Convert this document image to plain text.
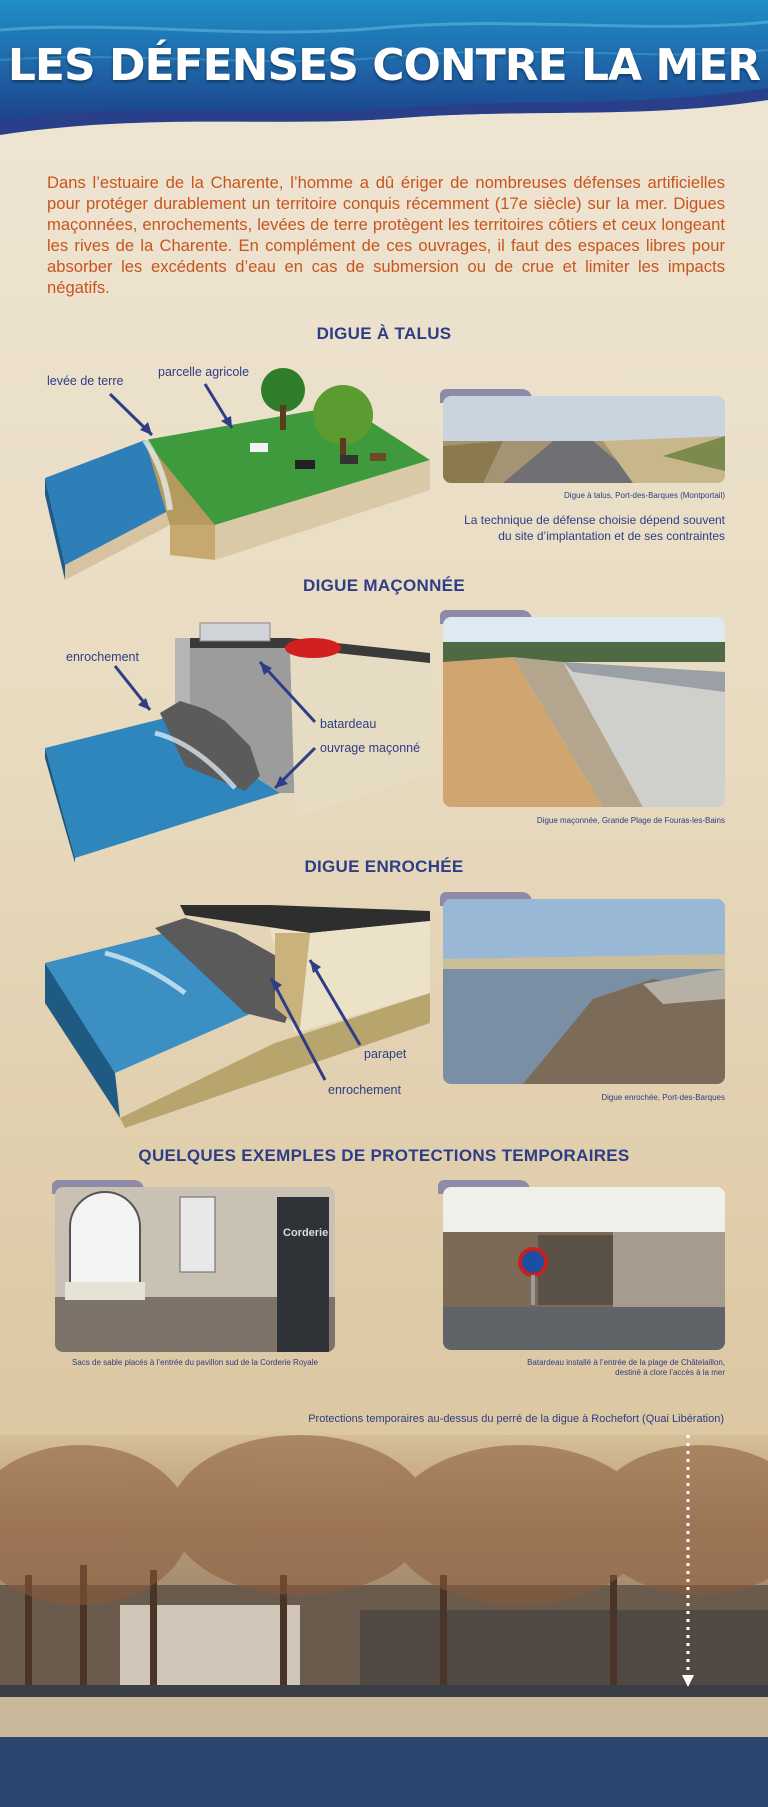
LES DÉFENSES CONTRE LA MER
Dans l’estuaire de la Charente, l’homme a dû ériger de nombreuses défenses artificielles pour protéger durablement un territoire conquis récemment (17e siècle) sur la mer. Digues maçonnées, enrochements, levées de terre protègent les territoires côtiers et ceux longeant les rives de la Charente. En complément de ces ouvrages, il faut des espaces libres pour absorber les excédents d’eau en cas de submersion ou de crue et limiter les impacts négatifs.
DIGUE À TALUS
levée de terre
parcelle agricole
Digue à talus, Port-des-Barques (Montportail)
La technique de défense choisie dépend souvent
du site d’implantation et de ses contraintes
DIGUE MAÇONNÉE
enrochement
batardeau
ouvrage maçonné
Digue maçonnée, Grande Plage de Fouras-les-Bains
DIGUE ENROCHÉE
parapet
enrochement
Digue enrochée, Port-des-Barques
QUELQUES EXEMPLES DE PROTECTIONS TEMPORAIRES
Corderie
Sacs de sable placés à l’entrée du pavillon sud de la Corderie Royale	Batardeau installé à l’entrée de la plage de Châtelaillon,
destiné à clore l’accès à la mer
Protections temporaires au-dessus du perré de la digue à Rochefort (Quai Libération)
